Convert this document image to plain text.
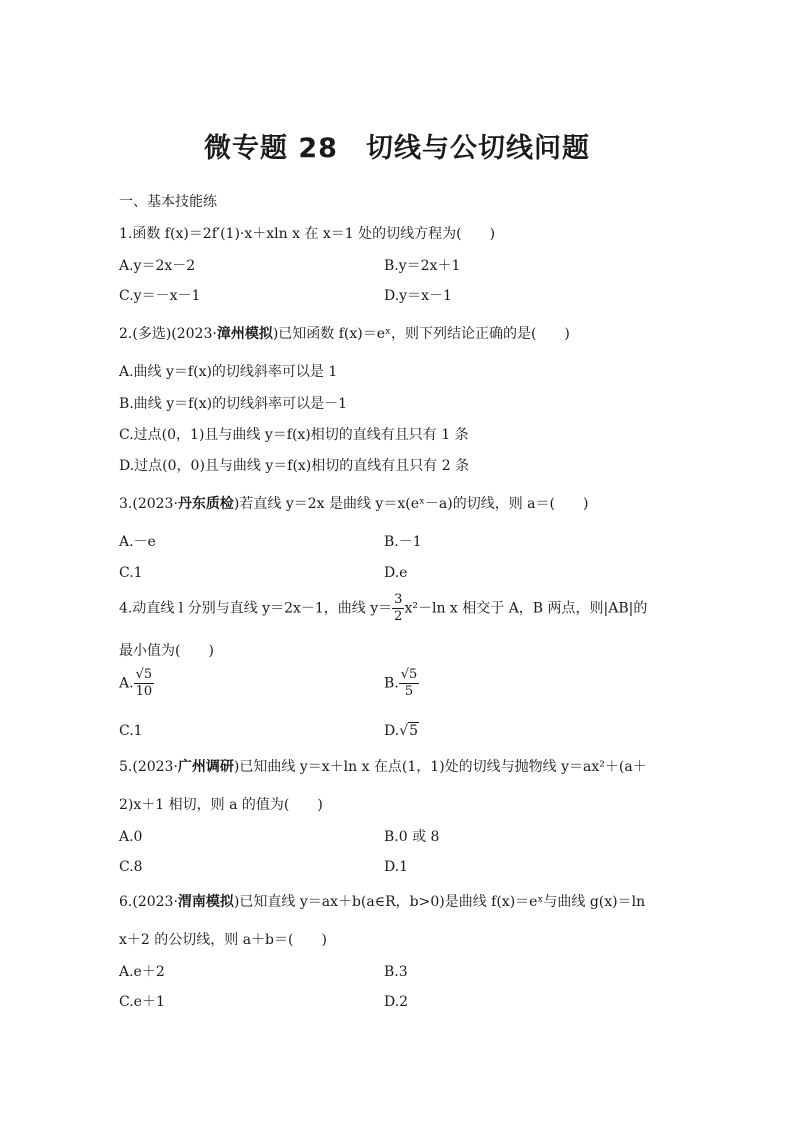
微专题 28　切线与公切线问题
一、基本技能练
1.函数 f(x)＝2f′(1)·x＋xln x 在 x＝1 处的切线方程为(　　)
A.y＝2x－2	B.y＝2x＋1
C.y＝－x－1	D.y＝x－1
2.(多选)(2023·漳州模拟)已知函数 f(x)＝eˣ，则下列结论正确的是(　　)
A.曲线 y＝f(x)的切线斜率可以是 1
B.曲线 y＝f(x)的切线斜率可以是－1
C.过点(0，1)且与曲线 y＝f(x)相切的直线有且只有 1 条
D.过点(0，0)且与曲线 y＝f(x)相切的直线有且只有 2 条
3.(2023·丹东质检)若直线 y＝2x 是曲线 y＝x(eˣ－a)的切线，则 a＝(　　)
A.－e	B.－1
C.1	D.e
4.动直线 l 分别与直线 y＝2x－1，曲线 $y= \frac{3}{2} x^2-\ln$ x 相交于 A，B 两点，则|AB|的
最小值为(　　)
A. $\frac{√5}{10}$	B. $\frac{√5}{5}$
C.1	D.√5
5.(2023·广州调研)已知曲线 y＝x＋ln x 在点(1，1)处的切线与抛物线 y＝ax²＋(a＋
2)x＋1 相切，则 a 的值为(　　)
A.0	B.0 或 8
C.8	D.1
6.(2023·渭南模拟)已知直线 y＝ax＋b(a∈R，b>0)是曲线 f(x)＝eˣ与曲线 g(x)＝ln
x＋2 的公切线，则 a＋b＝(　　)
A.e＋2	B.3
C.e＋1	D.2
